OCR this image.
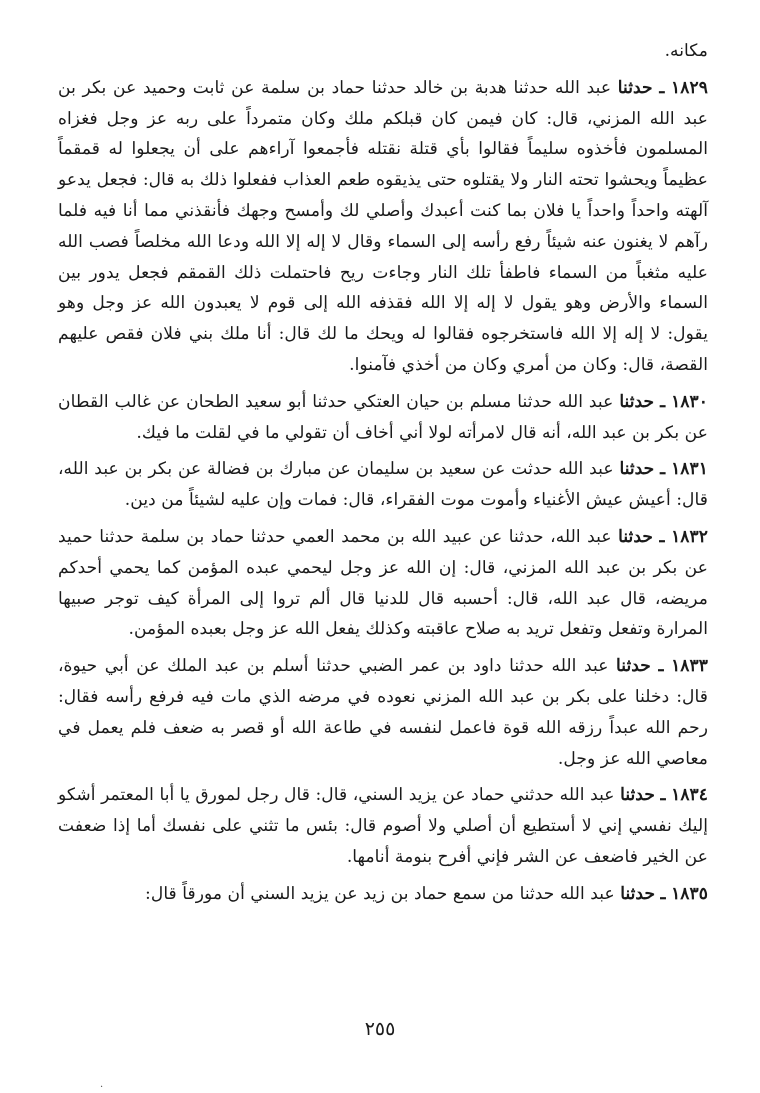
مكانه.

١٨٢٩ ـ حدثنا عبد الله حدثنا هدبة بن خالد حدثنا حماد بن سلمة عن ثابت وحميد عن بكر بن عبد الله المزني، قال: كان فيمن كان قبلكم ملك وكان متمرداً على ربه عز وجل فغزاه المسلمون فأخذوه سليماً فقالوا بأي قتلة نقتله فأجمعوا آراءهم على أن يجعلوا له قمقماً عظيماً ويحشوا تحته النار ولا يقتلوه حتى يذيقوه طعم العذاب ففعلوا ذلك به قال: فجعل يدعو آلهته واحداً واحداً يا فلان بما كنت أعبدك وأصلي لك وأمسح وجهك فأنقذني مما أنا فيه فلما رآهم لا يغنون عنه شيئاً رفع رأسه إلى السماء وقال لا إله إلا الله ودعا الله مخلصاً فصب الله عليه مثغباً من السماء فاطفأ تلك النار وجاءت ريح فاحتملت ذلك القمقم فجعل يدور بين السماء والأرض وهو يقول لا إله إلا الله فقذفه الله إلى قوم لا يعبدون الله عز وجل وهو يقول: لا إله إلا الله فاستخرجوه فقالوا له ويحك ما لك قال: أنا ملك بني فلان فقص عليهم القصة، قال: وكان من أمري وكان من أخذي فآمنوا.

١٨٣٠ ـ حدثنا عبد الله حدثنا مسلم بن حيان العتكي حدثنا أبو سعيد الطحان عن غالب القطان عن بكر بن عبد الله، أنه قال لامرأته لولا أني أخاف أن تقولي ما في لقلت ما فيك.

١٨٣١ ـ حدثنا عبد الله حدثت عن سعيد بن سليمان عن مبارك بن فضالة عن بكر بن عبد الله، قال: أعيش عيش الأغنياء وأموت موت الفقراء، قال: فمات وإن عليه لشيئاً من دين.

١٨٣٢ ـ حدثنا عبد الله، حدثنا عن عبيد الله بن محمد العمي حدثنا حماد بن سلمة حدثنا حميد عن بكر بن عبد الله المزني، قال: إن الله عز وجل ليحمي عبده المؤمن كما يحمي أحدكم مريضه، قال عبد الله، قال: أحسبه قال للدنيا قال ألم تروا إلى المرأة كيف توجر صبيها المرارة وتفعل وتفعل تريد به صلاح عاقبته وكذلك يفعل الله عز وجل بعبده المؤمن.

١٨٣٣ ـ حدثنا عبد الله حدثنا داود بن عمر الضبي حدثنا أسلم بن عبد الملك عن أبي حيوة، قال: دخلنا على بكر بن عبد الله المزني نعوده في مرضه الذي مات فيه فرفع رأسه فقال: رحم الله عبداً رزقه الله قوة فاعمل لنفسه في طاعة الله أو قصر به ضعف فلم يعمل في معاصي الله عز وجل.

١٨٣٤ ـ حدثنا عبد الله حدثني حماد عن يزيد السني، قال: قال رجل لمورق يا أبا المعتمر أشكو إليك نفسي إني لا أستطيع أن أصلي ولا أصوم قال: بئس ما تثني على نفسك أما إذا ضعفت عن الخير فاضعف عن الشر فإني أفرح بنومة أنامها.

١٨٣٥ ـ حدثنا عبد الله حدثنا من سمع حماد بن زيد عن يزيد السني أن مورقاً قال:

٢٥٥
·
